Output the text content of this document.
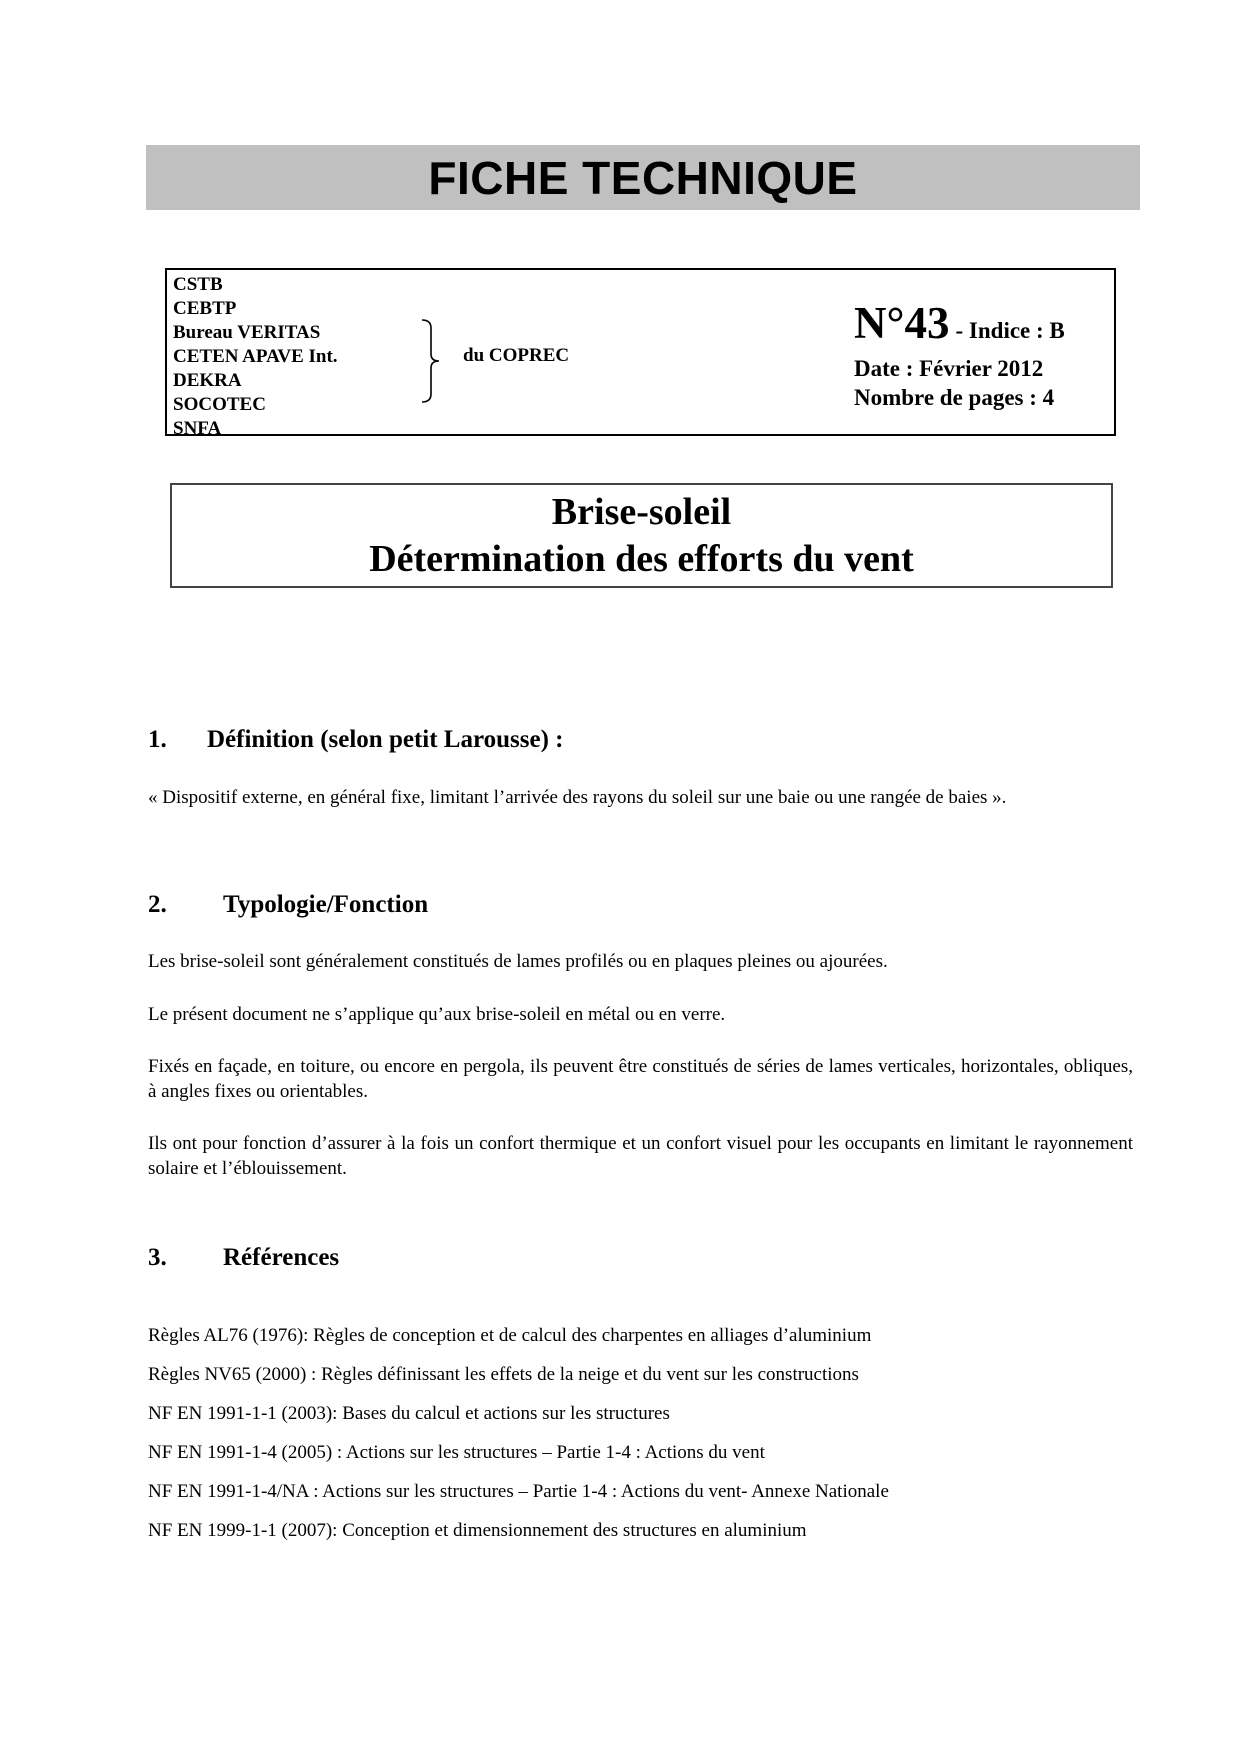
FICHE TECHNIQUE
CSTB
CEBTP
Bureau VERITAS
CETEN APAVE Int.
DEKRA
SOCOTEC
SNFA
du COPREC
N°43 - Indice : B
Date : Février 2012
Nombre de pages : 4
Brise-soleil
Détermination des efforts du vent
1. Définition (selon petit Larousse) :

« Dispositif externe, en général fixe, limitant l’arrivée des rayons du soleil sur une baie ou une rangée de baies ».

2. Typologie/Fonction

Les brise-soleil sont généralement constitués de lames profilés ou en plaques pleines ou ajourées.

Le présent document ne s’applique qu’aux brise-soleil en métal ou en verre.

Fixés en façade, en toiture, ou encore en pergola, ils peuvent être constitués de séries de lames verticales, horizontales, obliques, à angles fixes ou orientables.

Ils ont pour fonction d’assurer à la fois un confort thermique et un confort visuel pour les occupants en limitant le rayonnement solaire et l’éblouissement.

3. Références
Règles AL76 (1976): Règles de conception et de calcul des charpentes en alliages d’aluminium
Règles NV65 (2000) : Règles définissant les effets de la neige et du vent sur les constructions
NF EN 1991-1-1 (2003): Bases du calcul et actions sur les structures
NF EN 1991-1-4 (2005) : Actions sur les structures – Partie 1-4 : Actions du vent
NF EN 1991-1-4/NA : Actions sur les structures – Partie 1-4 : Actions du vent- Annexe Nationale
NF EN 1999-1-1 (2007): Conception et dimensionnement des structures en aluminium
